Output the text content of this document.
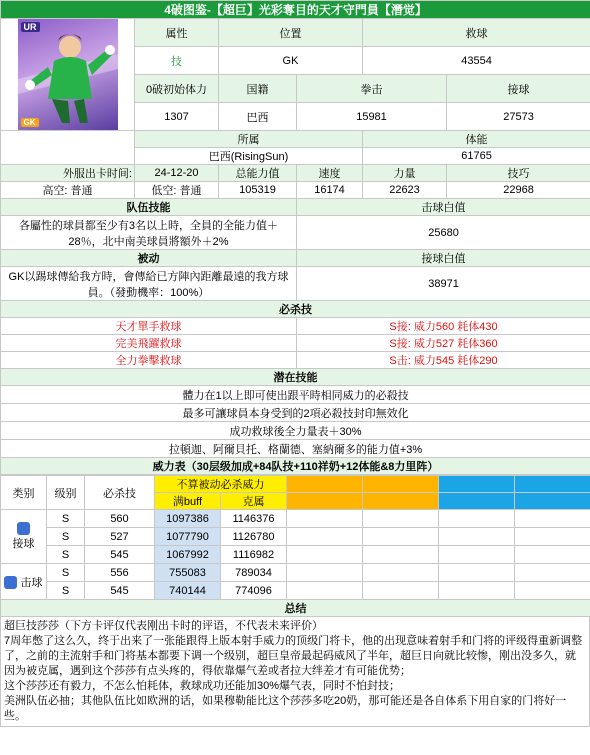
4破图鉴-【超巨】光彩奪目的天才守門員【潛觉】					

UR
GK	属性	位置		救球	
	技	GK		43554	
	0破初始体力	国籍	拳击		接球
	1307	巴西	15981		27573
	所属			体能	
	巴西(RisingSun)			61765	
外服出卡时间:	24-12-20	总能力值	速度	力量	技巧
高空: 普通	低空: 普通	105319	16174	22623	22968
队伍技能			击球白值		
各屬性的球員都至少有3名以上時，全員的全能力值＋28％，北中南美球員將額外＋2%			25680		
被动			接球白值		
GK以踢球傳給我方時，會傳給已方陣內距離最遠的我方球員。（發動機率：100%）			38971		
必杀技					
天才單手救球			S接: 威力560 耗体430		
完美飛躍救球			S接: 威力527 耗体360		
全力拳擊救球			S击: 威力545 耗体290		
潜在技能					
體力在1以上即可使出跟平時相同威力的必殺技					
最多可讓球員本身受到的2項必殺技封印無效化					
成功救球後全力量表＋30%					
拉頓迦、阿爾貝托、格蘭德、塞納爾多的能力值+3%					
威力表（30层级加成+84队技+110祥奶+12体能&8力里阵）					
类别	级别	必杀技	不算被动必杀威力					
			满buff	克属				

接球	S	560	1097386	1146376				
	S	527	1077790	1126780				
	S	545	1067992	1116982				
击球	S	556	755083	789034				
	S	545	740144	774096				
总结								
超巨技莎莎（下方卡评仅代表刚出卡时的评语，不代表未来评价）
7周年憋了这么久，终于出来了一张能跟得上版本射手威力的顶级门将卡，他的出现意味着射手和门将的评级得重新调整了，之前的主流射手和门将基本都要下调一个级别，超巨皇帝最起码威风了半年，超巨日向就比较惨，刚出没多久，就因为被克属，遇到这个莎莎有点头疼的，得依靠爆气差或者拉大绊差才有可能优势；
这个莎莎还有毅力，不怎么怕耗体，救球成功还能加30%爆气表，同时不怕封技；
美洲队伍必抽；其他队伍比如欧洲的话，如果穆勒能比这个莎莎多吃20奶，那可能还是各自体系下用自家的门将好一些。
